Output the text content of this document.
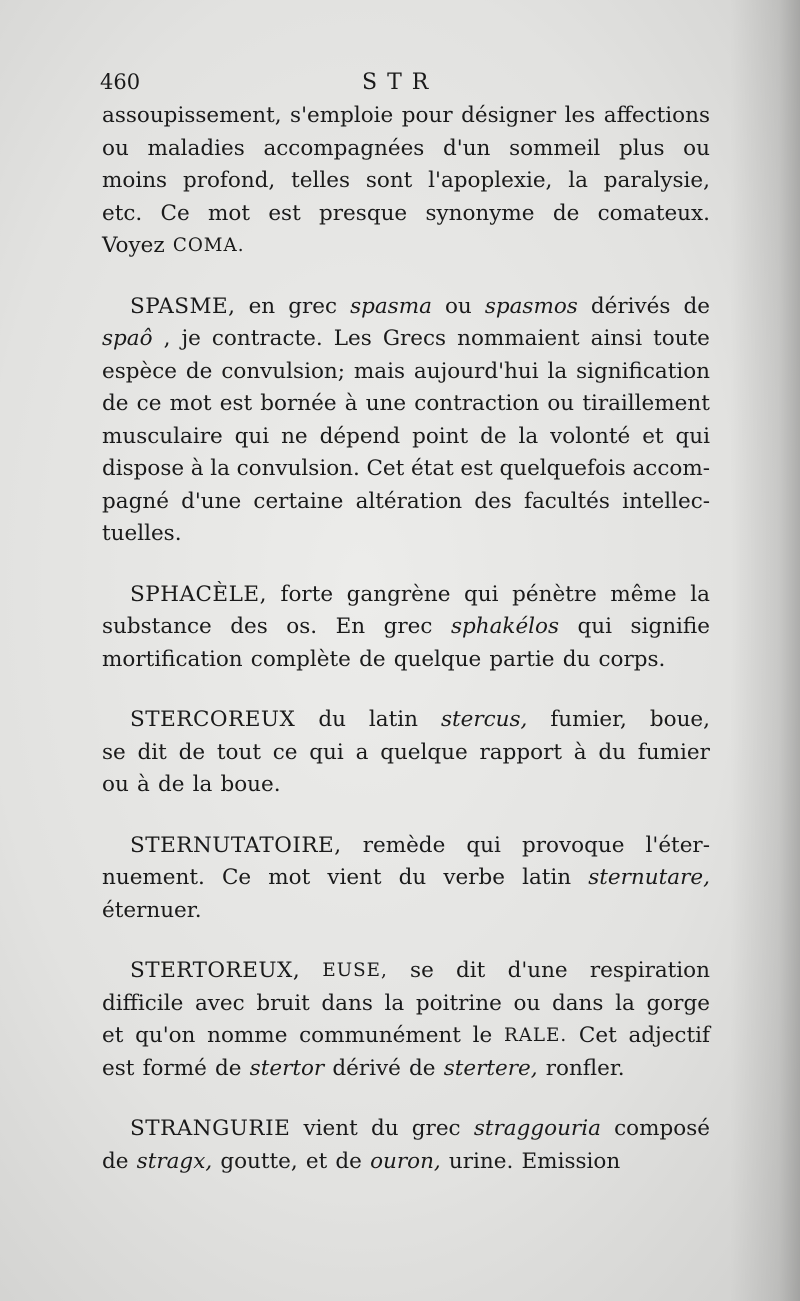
460	STR
assoupissement, s'emploie pour désigner les affections
ou maladies accompagnées d'un sommeil plus ou
moins profond, telles sont l'apoplexie, la paralysie,
etc. Ce mot est presque synonyme de comateux.
Voyez COMA.
SPASME, en grec spasma ou spasmos dérivés de
spaô , je contracte. Les Grecs nommaient ainsi toute
espèce de convulsion; mais aujourd'hui la signification
de ce mot est bornée à une contraction ou tiraillement
musculaire qui ne dépend point de la volonté et qui
dispose à la convulsion. Cet état est quelquefois accom-
pagné d'une certaine altération des facultés intellec-
tuelles.
SPHACÈLE, forte gangrène qui pénètre même la
substance des os. En grec sphakélos qui signifie
mortification complète de quelque partie du corps.
STERCOREUX du latin stercus, fumier, boue,
se dit de tout ce qui a quelque rapport à du fumier
ou à de la boue.
STERNUTATOIRE, remède qui provoque l'éter-
nuement. Ce mot vient du verbe latin sternutare,
éternuer.
STERTOREUX, EUSE, se dit d'une respiration
difficile avec bruit dans la poitrine ou dans la gorge
et qu'on nomme communément le RALE. Cet adjectif
est formé de stertor dérivé de stertere, ronfler.
STRANGURIE vient du grec straggouria composé
de stragx, goutte, et de ouron, urine. Emission
